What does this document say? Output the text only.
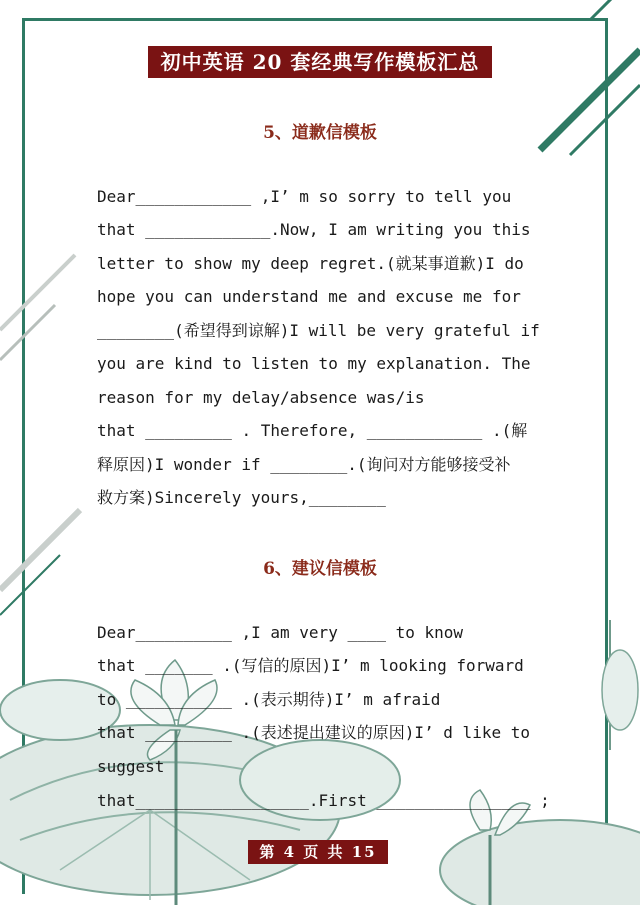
初中英语 20 套经典写作模板汇总
5、道歉信模板
Dear____________ ,I’ m so sorry to tell you
that _____________.Now, I am writing you this
letter to show my deep regret.(就某事道歉)I do
hope you can understand me and excuse me for
________(希望得到谅解)I will be very grateful if
you are kind to listen to my explanation. The
reason for my delay/absence was/is
that _________ . Therefore, ____________ .(解
释原因)I wonder if ________.(询问对方能够接受补
救方案)Sincerely yours,________
6、建议信模板
Dear__________ ,I am very ____ to know
that _______ .(写信的原因)I’ m looking forward
to ___________ .(表示期待)I’ m afraid
that _________ .(表述提出建议的原因)I’ d like to
suggest
that__________________.First ________________ ;
第 4 页 共 15 页
